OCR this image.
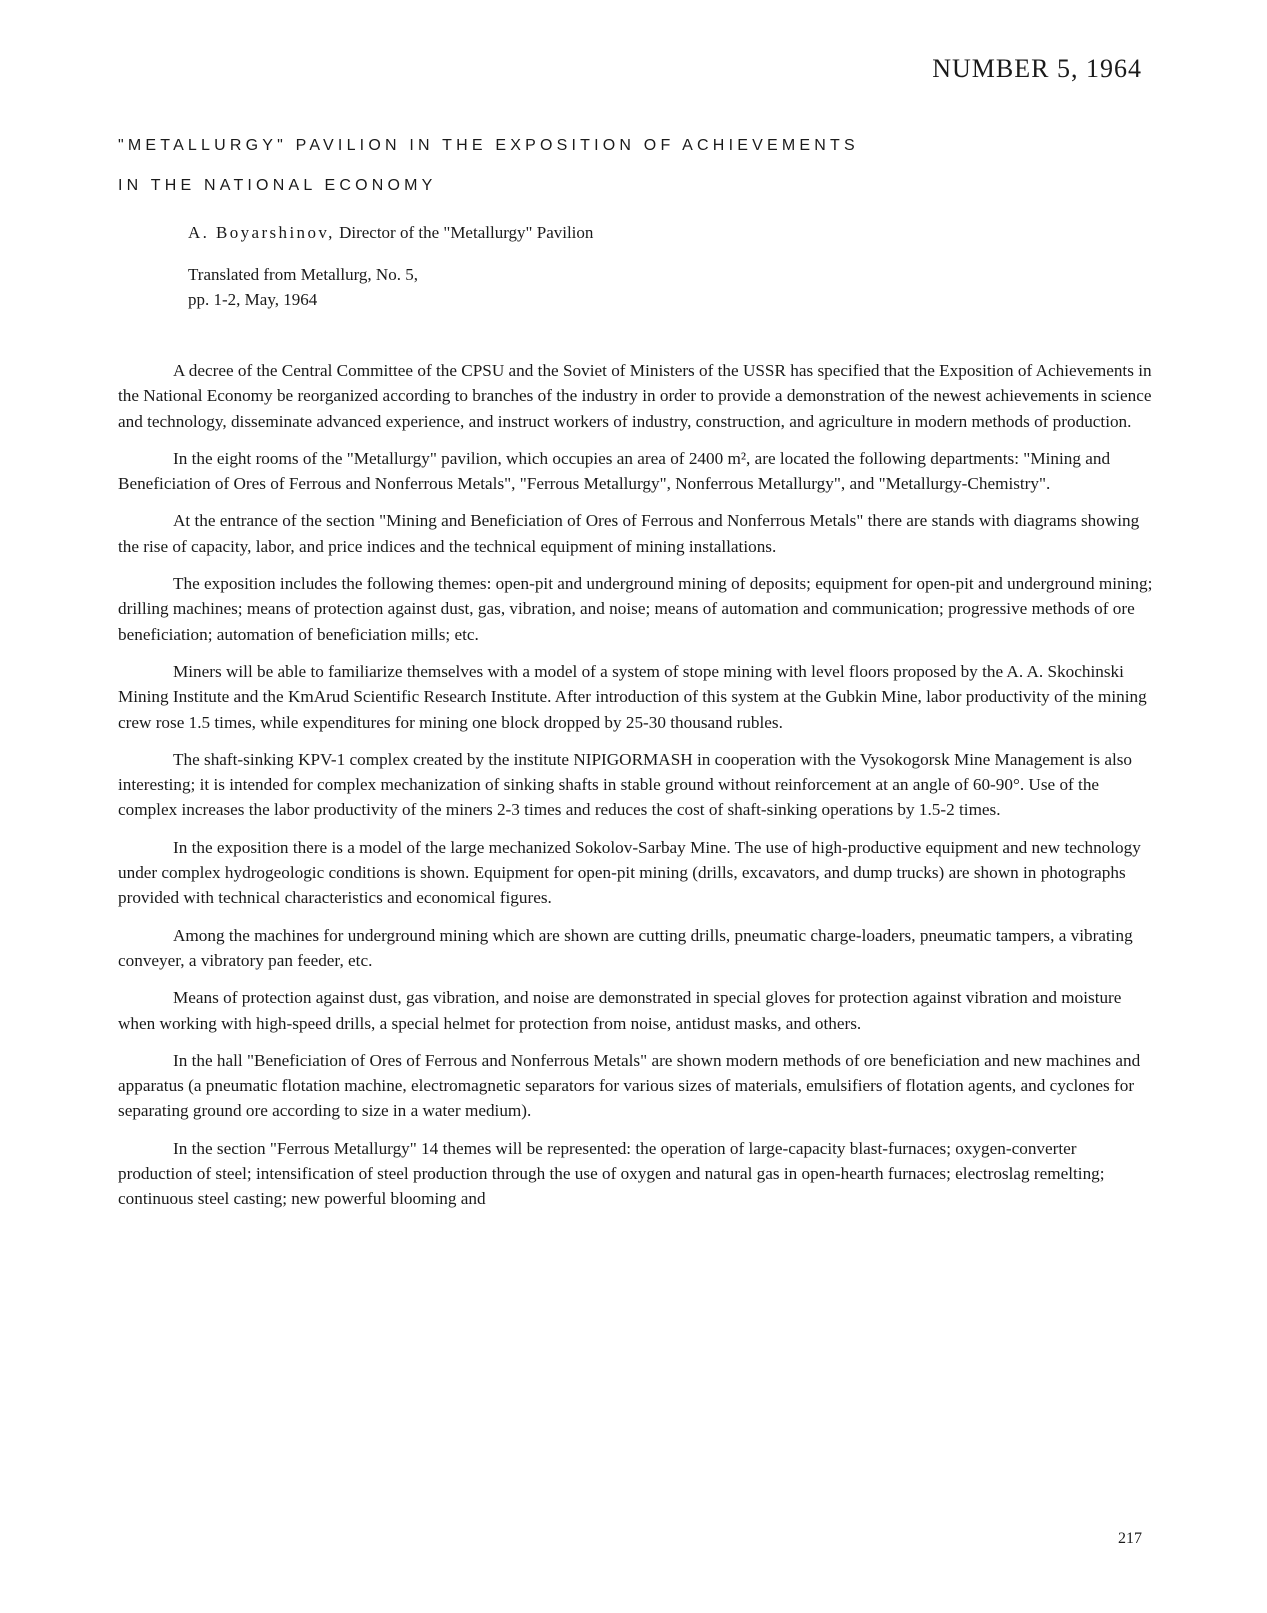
NUMBER 5, 1964
"METALLURGY" PAVILION IN THE EXPOSITION OF ACHIEVEMENTS
IN THE NATIONAL ECONOMY

A. Boyarshinov, Director of the "Metallurgy" Pavilion

Translated from Metallurg, No. 5,
pp. 1-2, May, 1964

A decree of the Central Committee of the CPSU and the Soviet of Ministers of the USSR has specified that the Exposition of Achievements in the National Economy be reorganized according to branches of the industry in order to provide a demonstration of the newest achievements in science and technology, disseminate advanced experience, and instruct workers of industry, construction, and agriculture in modern methods of production.

In the eight rooms of the "Metallurgy" pavilion, which occupies an area of 2400 m², are located the following departments: "Mining and Beneficiation of Ores of Ferrous and Nonferrous Metals", "Ferrous Metallurgy", Nonferrous Metallurgy", and "Metallurgy-Chemistry".

At the entrance of the section "Mining and Beneficiation of Ores of Ferrous and Nonferrous Metals" there are stands with diagrams showing the rise of capacity, labor, and price indices and the technical equipment of mining installations.

The exposition includes the following themes: open-pit and underground mining of deposits; equipment for open-pit and underground mining; drilling machines; means of protection against dust, gas, vibration, and noise; means of automation and communication; progressive methods of ore beneficiation; automation of beneficiation mills; etc.

Miners will be able to familiarize themselves with a model of a system of stope mining with level floors proposed by the A. A. Skochinski Mining Institute and the KmArud Scientific Research Institute. After introduction of this system at the Gubkin Mine, labor productivity of the mining crew rose 1.5 times, while expenditures for mining one block dropped by 25-30 thousand rubles.

The shaft-sinking KPV-1 complex created by the institute NIPIGORMASH in cooperation with the Vysokogorsk Mine Management is also interesting; it is intended for complex mechanization of sinking shafts in stable ground without reinforcement at an angle of 60-90°. Use of the complex increases the labor productivity of the miners 2-3 times and reduces the cost of shaft-sinking operations by 1.5-2 times.

In the exposition there is a model of the large mechanized Sokolov-Sarbay Mine. The use of high-productive equipment and new technology under complex hydrogeologic conditions is shown. Equipment for open-pit mining (drills, excavators, and dump trucks) are shown in photographs provided with technical characteristics and economical figures.

Among the machines for underground mining which are shown are cutting drills, pneumatic charge-loaders, pneumatic tampers, a vibrating conveyer, a vibratory pan feeder, etc.

Means of protection against dust, gas vibration, and noise are demonstrated in special gloves for protection against vibration and moisture when working with high-speed drills, a special helmet for protection from noise, antidust masks, and others.

In the hall "Beneficiation of Ores of Ferrous and Nonferrous Metals" are shown modern methods of ore beneficiation and new machines and apparatus (a pneumatic flotation machine, electromagnetic separators for various sizes of materials, emulsifiers of flotation agents, and cyclones for separating ground ore according to size in a water medium).

In the section "Ferrous Metallurgy" 14 themes will be represented: the operation of large-capacity blast-furnaces; oxygen-converter production of steel; intensification of steel production through the use of oxygen and natural gas in open-hearth furnaces; electroslag remelting; continuous steel casting; new powerful blooming and

217
